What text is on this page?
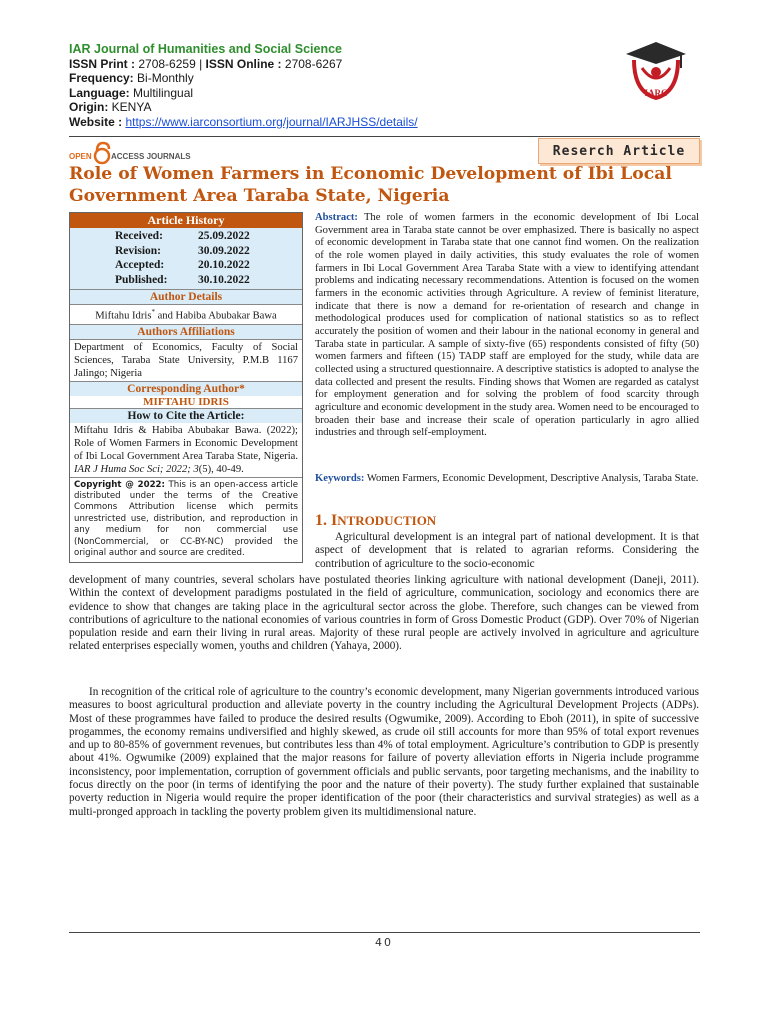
IAR Journal of Humanities and Social Science
ISSN Print : 2708-6259 | ISSN Online : 2708-6267
Frequency: Bi-Monthly
Language: Multilingual
Origin: KENYA
Website : https://www.iarconsortium.org/journal/IARJHSS/details/
IARC
OPEN ACCESS JOURNALS	Reserch Article
Role of Women Farmers in Economic Development of Ibi Local Government Area Taraba State, Nigeria
Article History
Received:	25.09.2022
Revision:	30.09.2022
Accepted:	20.10.2022
Published:	30.10.2022
Author Details
Miftahu Idris* and Habiba Abubakar Bawa
Authors Affiliations
Department of Economics, Faculty of Social Sciences, Taraba State University, P.M.B 1167 Jalingo; Nigeria
Corresponding Author*
MIFTAHU IDRIS
How to Cite the Article:
Miftahu Idris & Habiba Abubakar Bawa. (2022); Role of Women Farmers in Economic Development of Ibi Local Government Area Taraba State, Nigeria. IAR J Huma Soc Sci; 2022; 3(5), 40-49.
Copyright @ 2022: This is an open-access article distributed under the terms of the Creative Commons Attribution license which permits unrestricted use, distribution, and reproduction in any medium for non commercial use (NonCommercial, or CC-BY-NC) provided the original author and source are credited.
Abstract: The role of women farmers in the economic development of Ibi Local Government area in Taraba state cannot be over emphasized. There is basically no aspect of economic development in Taraba state that one cannot find women. On the realization of the role women played in daily activities, this study evaluates the role of women farmers in Ibi Local Government Area Taraba State with a view to identifying attendant problems and indicating necessary recommendations. Attention is focused on the women farmers in the economic activities through Agriculture. A review of feminist literature, indicate that there is now a demand for re-orientation of research and change in methodological produces used for complication of national statistics so as to reflect accurately the position of women and their labour in the national economy in general and Taraba state in particular. A sample of sixty-five (65) respondents consisted of fifty (50) women farmers and fifteen (15) TADP staff are employed for the study, while data are collected using a structured questionnaire. A descriptive statistics is adopted to analyse the data collected and present the results. Finding shows that Women are regarded as catalyst for employment generation and for solving the problem of food scarcity through agriculture and economic development in the study area. Women need to be encouraged to broaden their base and increase their scale of operation particularly in agro allied industries and through self-employment.
Keywords: Women Farmers, Economic Development, Descriptive Analysis, Taraba State.
1. INTRODUCTION
Agricultural development is an integral part of national development. It is that aspect of development that is related to agrarian reforms. Considering the contribution of agriculture to the socio-economic
development of many countries, several scholars have postulated theories linking agriculture with national development (Daneji, 2011). Within the context of development paradigms postulated in the field of agriculture, communication, sociology and economics there are evidence to show that changes are taking place in the agricultural sector across the globe. Therefore, such changes can be viewed from contributions of agriculture to the national economies of various countries in form of Gross Domestic Product (GDP). Over 70% of Nigerian population reside and earn their living in rural areas. Majority of these rural people are actively involved in agriculture and agriculture related enterprises especially women, youths and children (Yahaya, 2000).
In recognition of the critical role of agriculture to the country’s economic development, many Nigerian governments introduced various measures to boost agricultural production and alleviate poverty in the country including the Agricultural Development Projects (ADPs). Most of these programmes have failed to produce the desired results (Ogwumike, 2009). According to Eboh (2011), in spite of successive progammes, the economy remains undiversified and highly skewed, as crude oil still accounts for more than 95% of total export revenues and up to 80-85% of government revenues, but contributes less than 4% of total employment. Agriculture’s contribution to GDP is presently about 41%. Ogwumike (2009) explained that the major reasons for failure of poverty alleviation efforts in Nigeria include programme inconsistency, poor implementation, corruption of government officials and public servants, poor targeting mechanisms, and the inability to focus directly on the poor (in terms of identifying the poor and the nature of their poverty). The study further explained that sustainable poverty reduction in Nigeria would require the proper identification of the poor (their characteristics and survival strategies) as well as a multi-pronged approach in tackling the poverty problem given its multidimensional nature.
40
